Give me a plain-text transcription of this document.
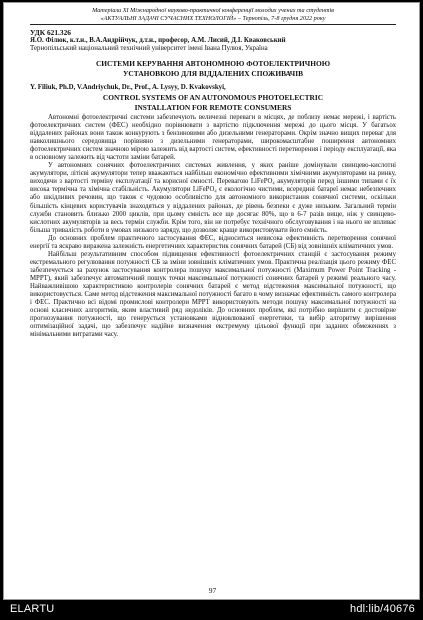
Матеріали ХІ Міжнародної науково-практичної конференції молодих учених та студентів
«АКТУАЛЬНІ ЗАДАЧІ СУЧАСНИХ ТЕХНОЛОГІЙ» – Тернопіль, 7-8 грудня 2022 року
УДК 621.326
Я.О. Філюк, к.т.н., В.А.Андрійчук, д.т.н., професор, А.М. Лисий, Д.І. Кваковський
Тернопільський національний технічний університет імені Івана Пулюя, Україна
СИСТЕМИ КЕРУВАННЯ АВТОНОМНОЮ ФОТОЕЛЕКТРИЧНОЮ
УСТАНОВКОЮ ДЛЯ ВІДДАЛЕНИХ СПОЖИВАЧІВ
Y. Filiuk, Ph.D, V.Andriychuk, Dr., Prof., A. Lysyy, D. Kvakovskyi,
CONTROL SYSTEMS OF AN AUTONOMOUS PHOTOELECTRIC
INSTALLATION FOR REMOTE CONSUMERS

Автономні фотоелектричні системи забезпечують величезні переваги в місцях, де поблизу немає мережі, і вартість фотоелектричних систем (ФЕС) необхідно порівнювати з вартістю підключення мережі до цього місця. У багатьох віддалених районах вони також конкурують з бензиновими або дизельними генераторами. Окрім значно вищих переваг для навколишнього середовища порівняно з дизельними генераторами, широкомасштабне поширення автономних фотоелектричних систем значною мірою залежить від вартості систем, ефективності перетворення і періоду експлуатації, яка в основному залежить від частоти заміни батарей.

У автономних сонячних фотоелектричних системах живлення, у яких раніше домінували свинцево-кислотні акумулятори, літієві акумулятори тепер вважаються найбільш економічно ефективними хімічними акумуляторами на ринку, виходячи з вартості терміну експлуатації та корисної ємності. Перевагою LiFePO₄ акумуляторів перед іншими типами є їх висока термічна та хімічна стабільність. Акумулятори LiFePO₄ є екологічно чистими, всередині батареї немає небезпечних або шкідливих речовин, що також є чудовою особливістю для автономного використання сонячної системи, оскільки більшість кінцевих користувачів знаходяться у віддалених районах, де рівень безпеки є дуже низьким. Загальний термін служби становить близько 2000 циклів, при цьому ємність все ще досягає 80%, що в 6-7 разів вище, ніж у свинцево-кислотних акумуляторів за весь термін служби. Крім того, він не потребує технічного обслуговування і на нього не впливає більша тривалість роботи в умовах низького заряду, що дозволяє краще використовувати його ємність.

До основних проблем практичного застосування ФЕС, відноситься невисока ефективність перетворення сонячної енергії та яскраво виражена залежність енергетичних характеристик сонячних батарей (СБ) від зовнішніх кліматичних умов.

Найбільш результативним способом підвищення ефективності фотоелектричних станцій є застосування режиму екстремального регулювання потужності СБ за зміни зовнішніх кліматичних умов. Практична реалізація цього режиму ФЕС забезпечується за рахунок застосування контролера пошуку максимальної потужності (Maximum Power Point Tracking - MPPT), який забезпечує автоматичний пошук точки максимальної потужності сонячних батарей у режимі реального часу. Найважливішою характеристикою контролерів сонячних батарей є метод відстеження максимальної потужності, що використовується. Саме метод відстеження максимальної потужності багато в чому визначає ефективність самого контролера і ФЕС. Практично всі відомі промислові контролери MPPT використовують методи пошуку максимальної потужності на основі класичних алгоритмів, яким властивий ряд недоліків. До основних проблем, які потрібно вирішити є достовірне прогнозування потужності, що генерується установками відновлюваної енергетики, та вибір алгоритму вирішення оптимізаційної задачі, що забезпечує надійне визначення екстремуму цільової функції при заданих обмеженнях з мінімальними витратами часу.

97
ELARTU	hdl:lib/40676
